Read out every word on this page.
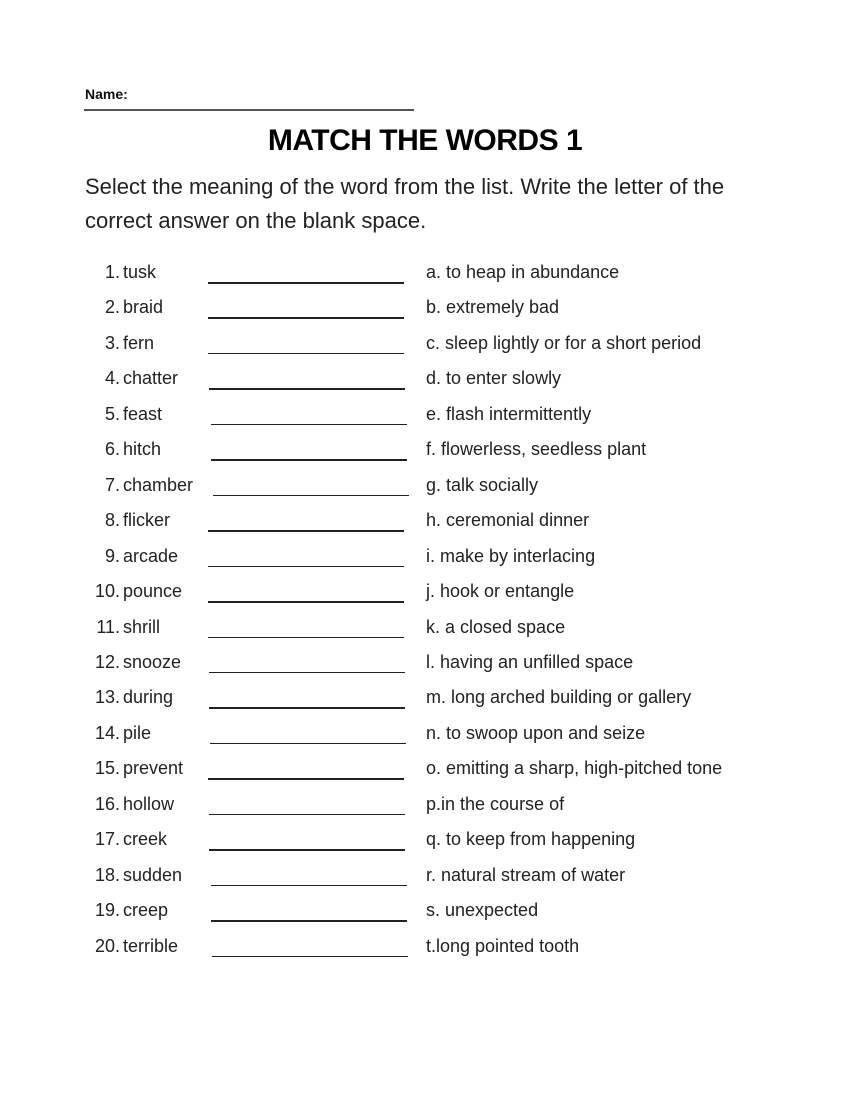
Name:
MATCH THE WORDS 1

Select the meaning of the word from the list. Write the letter of the correct answer on the blank space.

1. tusk	a. to heap in abundance
2. braid	b. extremely bad
3. fern	c. sleep lightly or for a short period
4. chatter	d. to enter slowly
5. feast	e. flash intermittently
6. hitch	f. flowerless, seedless plant
7. chamber	g. talk socially
8. flicker	h. ceremonial dinner
9. arcade	i. make by interlacing
10. pounce	j. hook or entangle
11. shrill	k. a closed space
12. snooze	l. having an unfilled space
13. during	m. long arched building or gallery
14. pile	n. to swoop upon and seize
15. prevent	o. emitting a sharp, high-pitched tone
16. hollow	p.in the course of
17. creek	q. to keep from happening
18. sudden	r. natural stream of water
19. creep	s. unexpected
20. terrible	t.long pointed tooth
